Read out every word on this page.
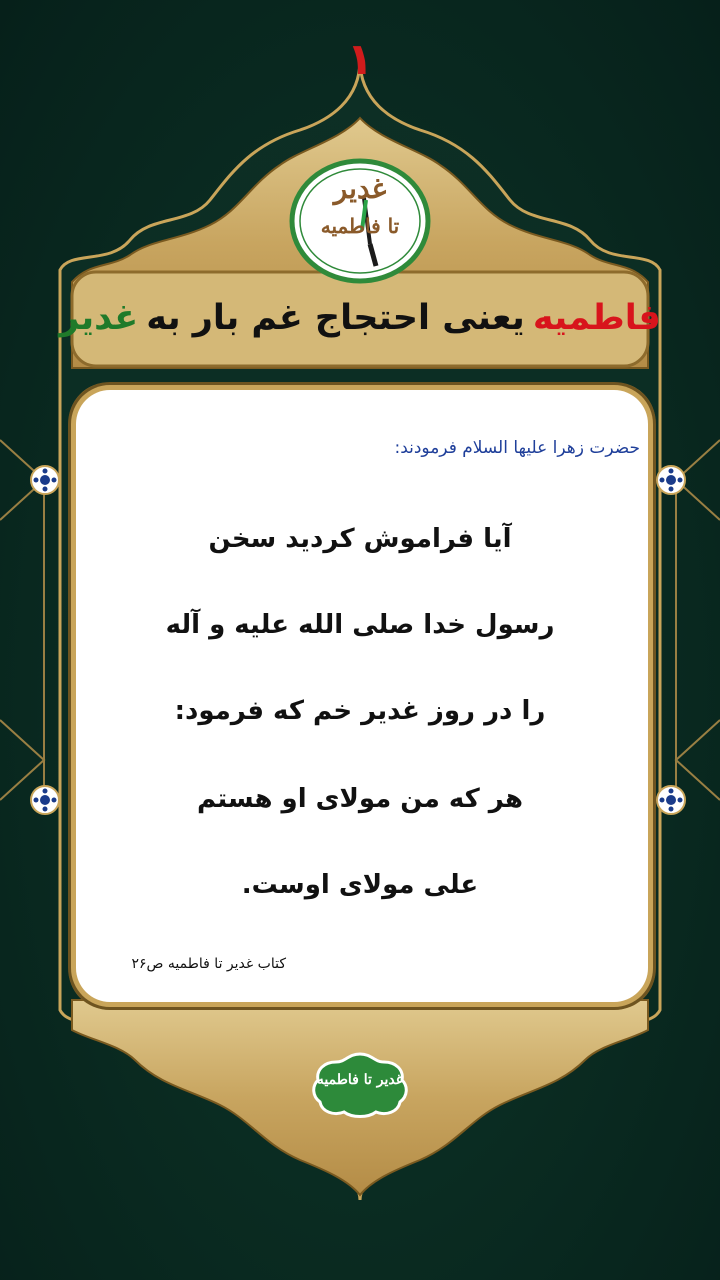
۱
غدیر
تا فاطمیه
فاطمیه
یعنی احتجاج غم بار به
غدیر
حضرت زهرا علیها السلام فرمودند:
آیا فراموش کردید سخن
رسول خدا صلی الله علیه و آله
را در روز غدیر خم که فرمود:
هر که من مولای او هستم
علی مولای اوست.
کتاب غدیر تا فاطمیه ص۲۶
غدیر تا فاطمیه
